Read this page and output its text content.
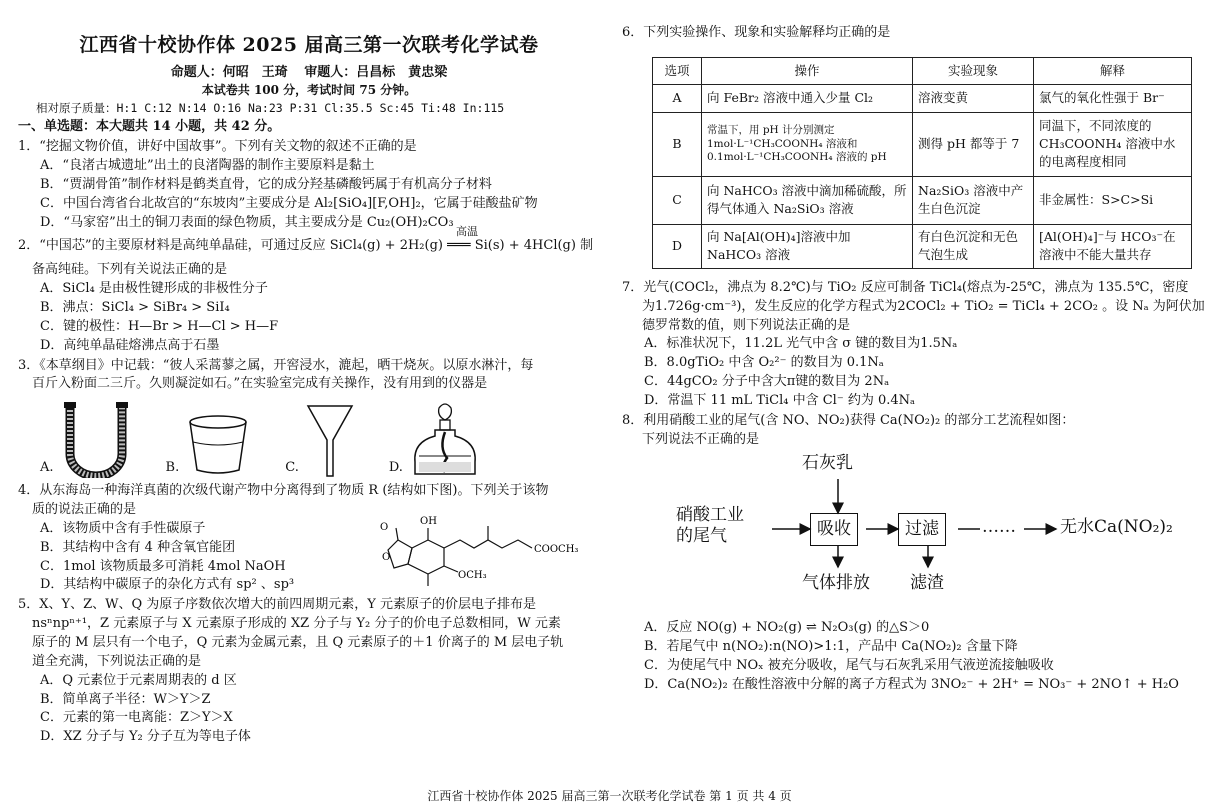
江西省十校协作体 2025 届高三第一次联考化学试卷
命题人：何昭　王琦 审题人：吕昌标　黄忠梁
本试卷共 100 分，考试时间 75 分钟。
相对原子质量：H:1 C:12 N:14 O:16 Na:23 P:31 Cl:35.5 Sc:45 Ti:48 In:115
一、单选题：本大题共 14 小题，共 42 分。
1．“挖掘文物价值，讲好中国故事”。下列有关文物的叙述不正确的是
A．“良渚古城遗址”出土的良渚陶器的制作主要原料是黏土
B．“贾湖骨笛”制作材料是鹤类直骨，它的成分羟基磷酸钙属于有机高分子材料
C．中国台湾省台北故宫的“东坡肉”主要成分是 Al₂[SiO₄][F,OH]₂，它属于硅酸盐矿物
D．“马家窑”出土的铜刀表面的绿色物质，其主要成分是 Cu₂(OH)₂CO₃
2．“中国芯”的主要原材料是高纯单晶硅，可通过反应 SiCl₄(g) + 2H₂(g) ═══ Si(s) + 4HCl(g) 制
高温
备高纯硅。下列有关说法正确的是
A．SiCl₄ 是由极性键形成的非极性分子
B．沸点：SiCl₄ > SiBr₄ > SiI₄
C．键的极性：H—Br > H—Cl > H—F
D．高纯单晶硅熔沸点高于石墨
3．《本草纲目》中记载：“彼人采蒿蓼之属，开窖浸水，漉起，晒干烧灰。以原水淋汁，每
百斤入粉面二三斤。久则凝淀如石。”在实验室完成有关操作，没有用到的仪器是
A.	B.	C.	D.
4．从东海岛一种海洋真菌的次级代谢产物中分离得到了物质 R (结构如下图)。下列关于该物
质的说法正确的是
A．该物质中含有手性碳原子
B．其结构中含有 4 种含氧官能团
C．1mol 该物质最多可消耗 4mol NaOH
D．其结构中碳原子的杂化方式有 sp² 、sp³
O
O
OH
COOCH₃
OCH₃
5．X、Y、Z、W、Q 为原子序数依次增大的前四周期元素，Y 元素原子的价层电子排布是
nsⁿnpⁿ⁺¹，Z 元素原子与 X 元素原子形成的 XZ 分子与 Y₂ 分子的价电子总数相同，W 元素
原子的 M 层只有一个电子，Q 元素为金属元素，且 Q 元素原子的＋1 价离子的 M 层电子轨
道全充满，下列说法正确的是
A．Q 元素位于元素周期表的 d 区
B．简单离子半径：W＞Y＞Z
C．元素的第一电离能：Z＞Y＞X
D．XZ 分子与 Y₂ 分子互为等电子体
6．下列实验操作、现象和实验解释均正确的是
选项	操作	实验现象	解释
A	向 FeBr₂ 溶液中通入少量 Cl₂	溶液变黄	氯气的氧化性强于 Br⁻
B	常温下，用 pH 计分别测定 1mol·L⁻¹CH₃COONH₄ 溶液和 0.1mol·L⁻¹CH₃COONH₄ 溶液的 pH	测得 pH 都等于 7	同温下，不同浓度的 CH₃COONH₄ 溶液中水的电离程度相同
C	向 NaHCO₃ 溶液中滴加稀硫酸，所得气体通入 Na₂SiO₃ 溶液	Na₂SiO₃ 溶液中产生白色沉淀	非金属性：S>C>Si
D	向 Na[Al(OH)₄]溶液中加 NaHCO₃ 溶液	有白色沉淀和无色气泡生成	[Al(OH)₄]⁻与 HCO₃⁻在溶液中不能大量共存
7．光气(COCl₂，沸点为 8.2℃)与 TiO₂ 反应可制备 TiCl₄(熔点为-25℃，沸点为 135.5℃，密度
为1.726g·cm⁻³)，发生反应的化学方程式为2COCl₂ + TiO₂ = TiCl₄ + 2CO₂ 。设 Nₐ 为阿伏加
德罗常数的值，则下列说法正确的是
A．标准状况下，11.2L 光气中含 σ 键的数目为1.5Nₐ
B．8.0gTiO₂ 中含 O₂²⁻ 的数目为 0.1Nₐ
C．44gCO₂ 分子中含大π键的数目为 2Nₐ
D．常温下 11 mL TiCl₄ 中含 Cl⁻ 约为 0.4Nₐ
8．利用硝酸工业的尾气(含 NO、NO₂)获得 Ca(NO₂)₂ 的部分工艺流程如图：
下列说法不正确的是
石灰乳
硝酸工业
的尾气	吸收	过滤	……	无水Ca(NO₂)₂
气体排放 滤渣
A．反应 NO(g) + NO₂(g) ⇌ N₂O₃(g) 的△S＞0
B．若尾气中 n(NO₂):n(NO)>1:1，产品中 Ca(NO₂)₂ 含量下降
C．为使尾气中 NOₓ 被充分吸收，尾气与石灰乳采用气液逆流接触吸收
D．Ca(NO₂)₂ 在酸性溶液中分解的离子方程式为 3NO₂⁻ + 2H⁺ = NO₃⁻ + 2NO↑ + H₂O
江西省十校协作体 2025 届高三第一次联考化学试卷 第 1 页 共 4 页
